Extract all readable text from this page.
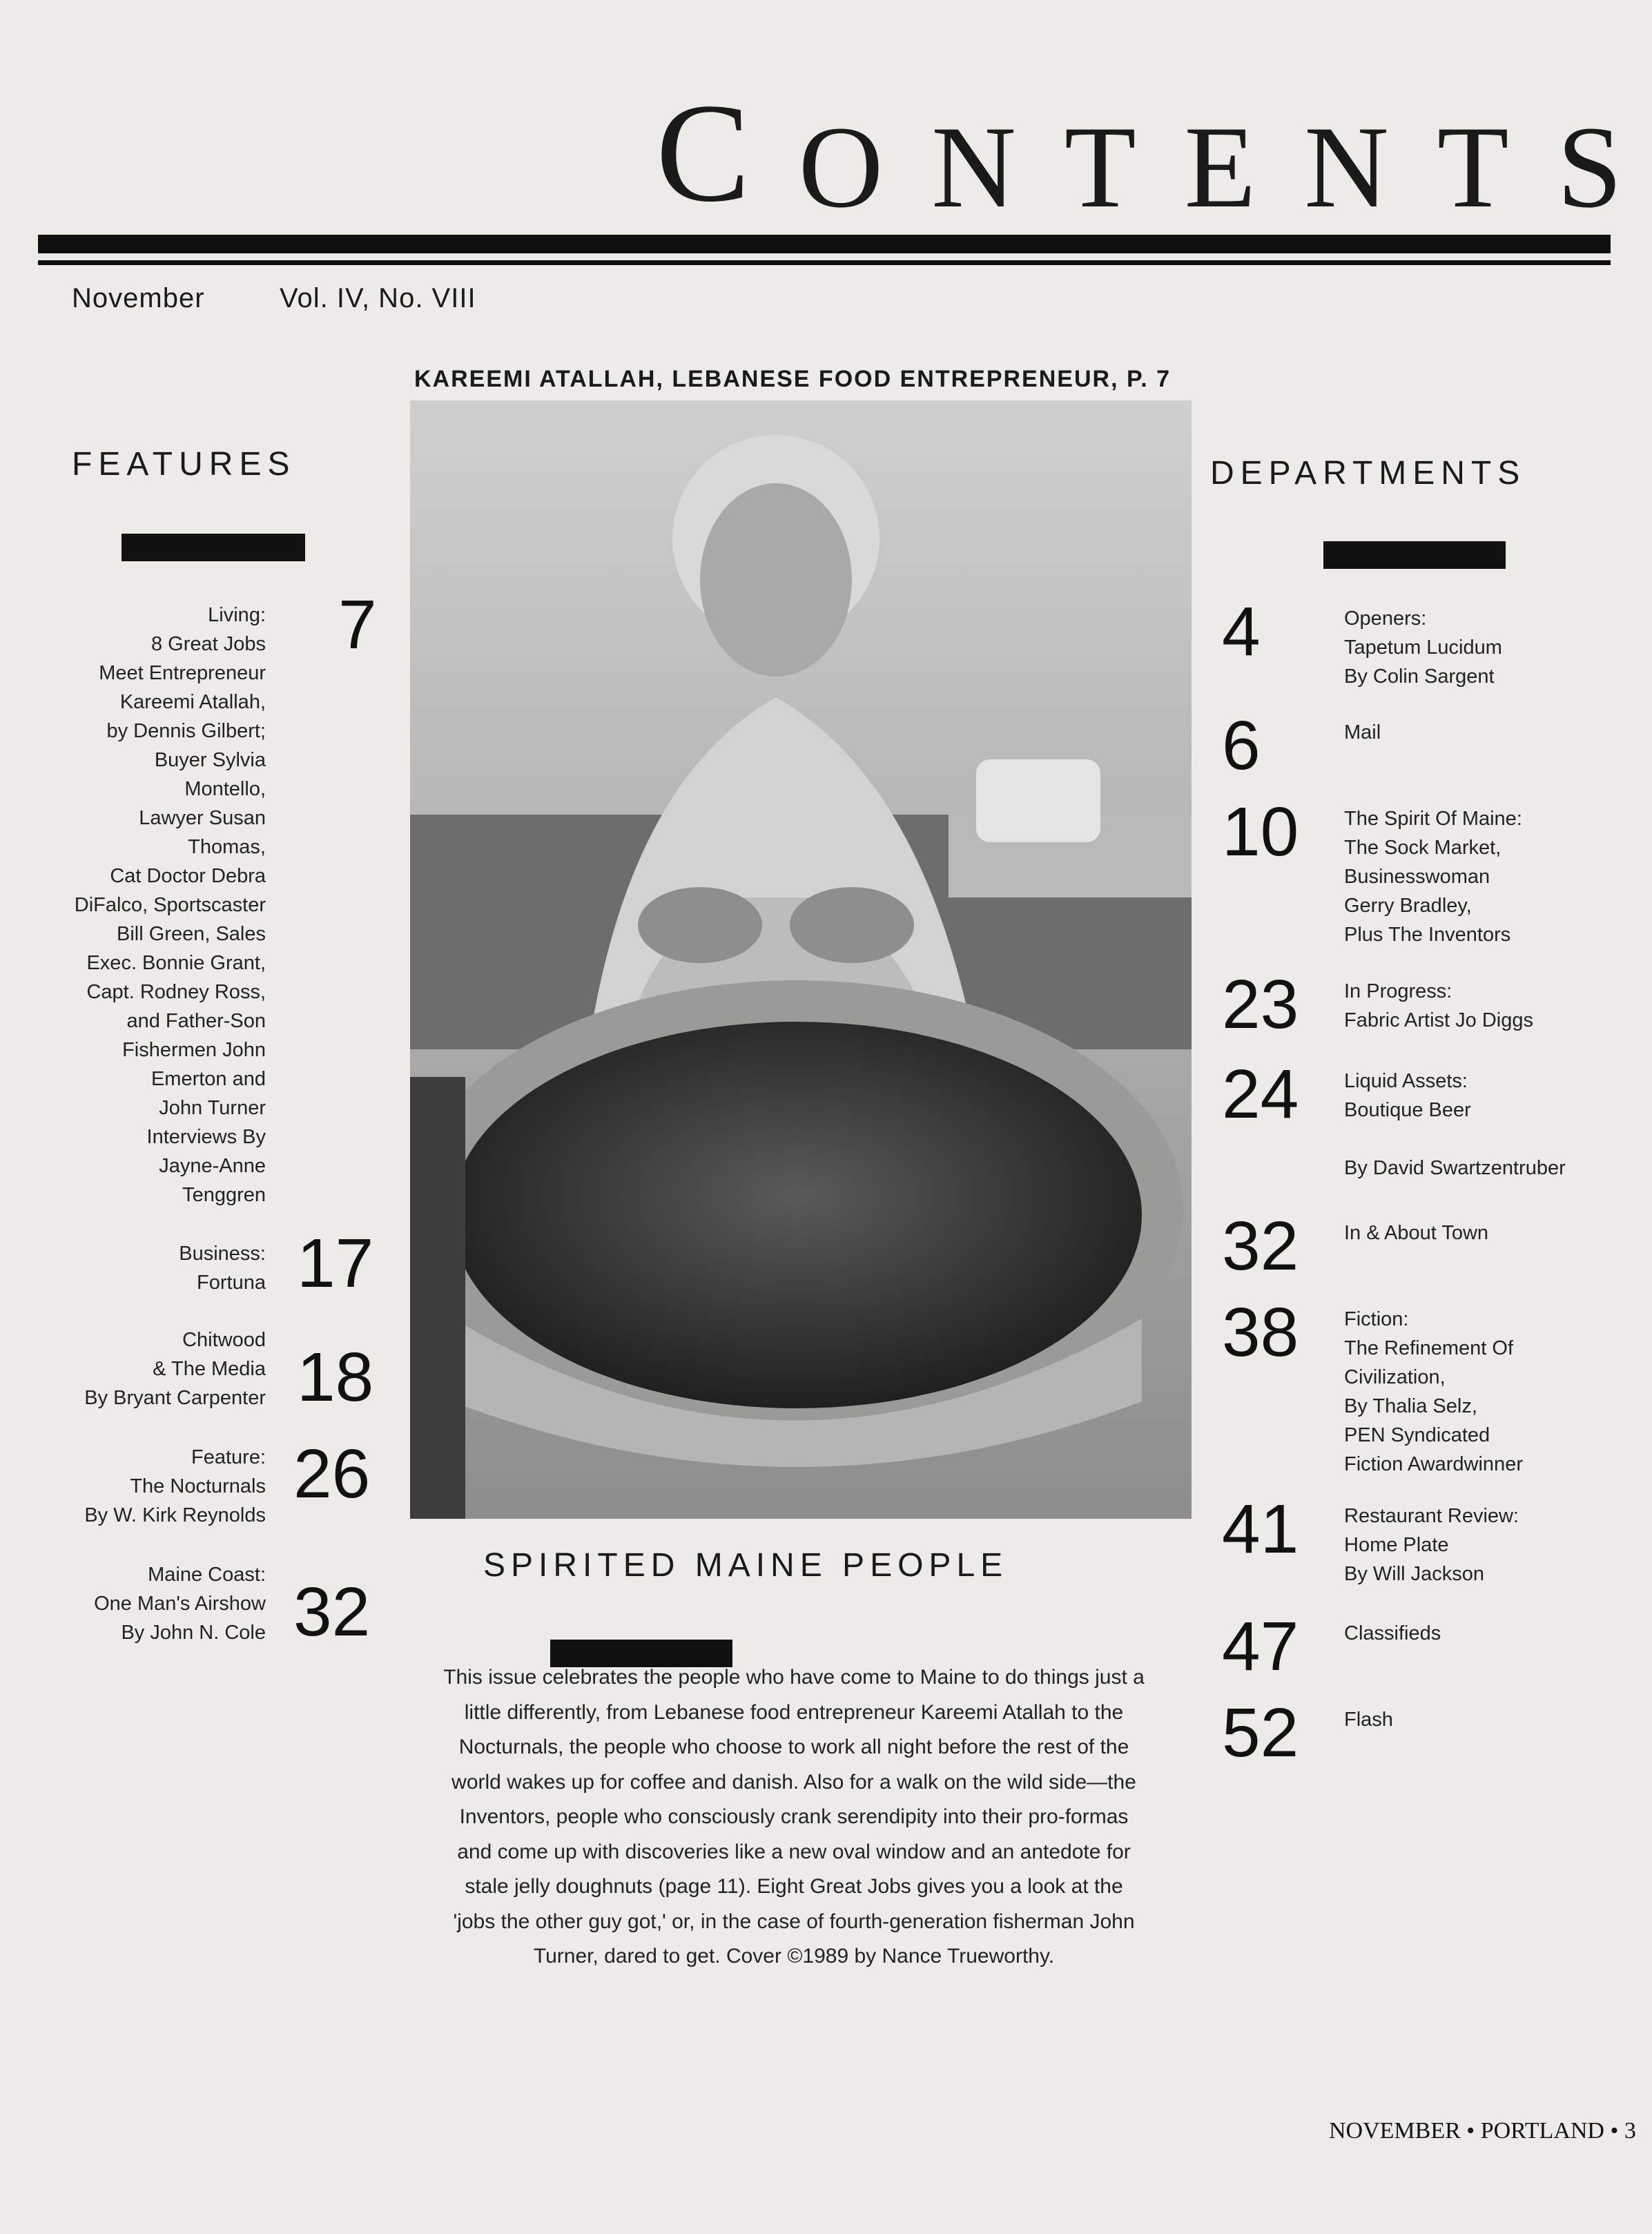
C O N T E N T S
November	Vol. IV, No. VIII
FEATURES
Living:
8 Great Jobs
Meet Entrepreneur
Kareemi Atallah,
by Dennis Gilbert;
Buyer Sylvia
Montello,
Lawyer Susan
Thomas,
Cat Doctor Debra
DiFalco, Sportscaster
Bill Green, Sales
Exec. Bonnie Grant,
Capt. Rodney Ross,
and Father-Son
Fishermen John
Emerton and
John Turner
Interviews By
Jayne-Anne
Tenggren
7
Business:
Fortuna 17
Chitwood
& The Media
By Bryant Carpenter 18
Feature:
The Nocturnals
By W. Kirk Reynolds
26
Maine Coast:
One Man's Airshow
By John N. Cole 32
KAREEMI ATALLAH, LEBANESE FOOD ENTREPRENEUR, P. 7
DEPARTMENTS
4	Openers:
Tapetum Lucidum
By Colin Sargent
6	Mail
10 The Spirit Of Maine:
The Sock Market,
Businesswoman
Gerry Bradley,
Plus The Inventors
23 In Progress:
Fabric Artist Jo Diggs
24 Liquid Assets:
Boutique Beer

By David Swartzentruber
32 In & About Town
38 Fiction:
The Refinement Of
Civilization,
By Thalia Selz,
PEN Syndicated
Fiction Awardwinner
41 Restaurant Review:
Home Plate
By Will Jackson
47 Classifieds
52 Flash
SPIRITED MAINE PEOPLE
This issue celebrates the people who have come to Maine to do things just a little differently, from Lebanese food entrepreneur Kareemi Atallah to the Nocturnals, the people who choose to work all night before the rest of the world wakes up for coffee and danish. Also for a walk on the wild side—the Inventors, people who consciously crank serendipity into their pro-formas and come up with discoveries like a new oval window and an antedote for stale jelly doughnuts (page 11). Eight Great Jobs gives you a look at the 'jobs the other guy got,' or, in the case of fourth-generation fisherman John Turner, dared to get. Cover ©1989 by Nance Trueworthy.
NOVEMBER • PORTLAND • 3
